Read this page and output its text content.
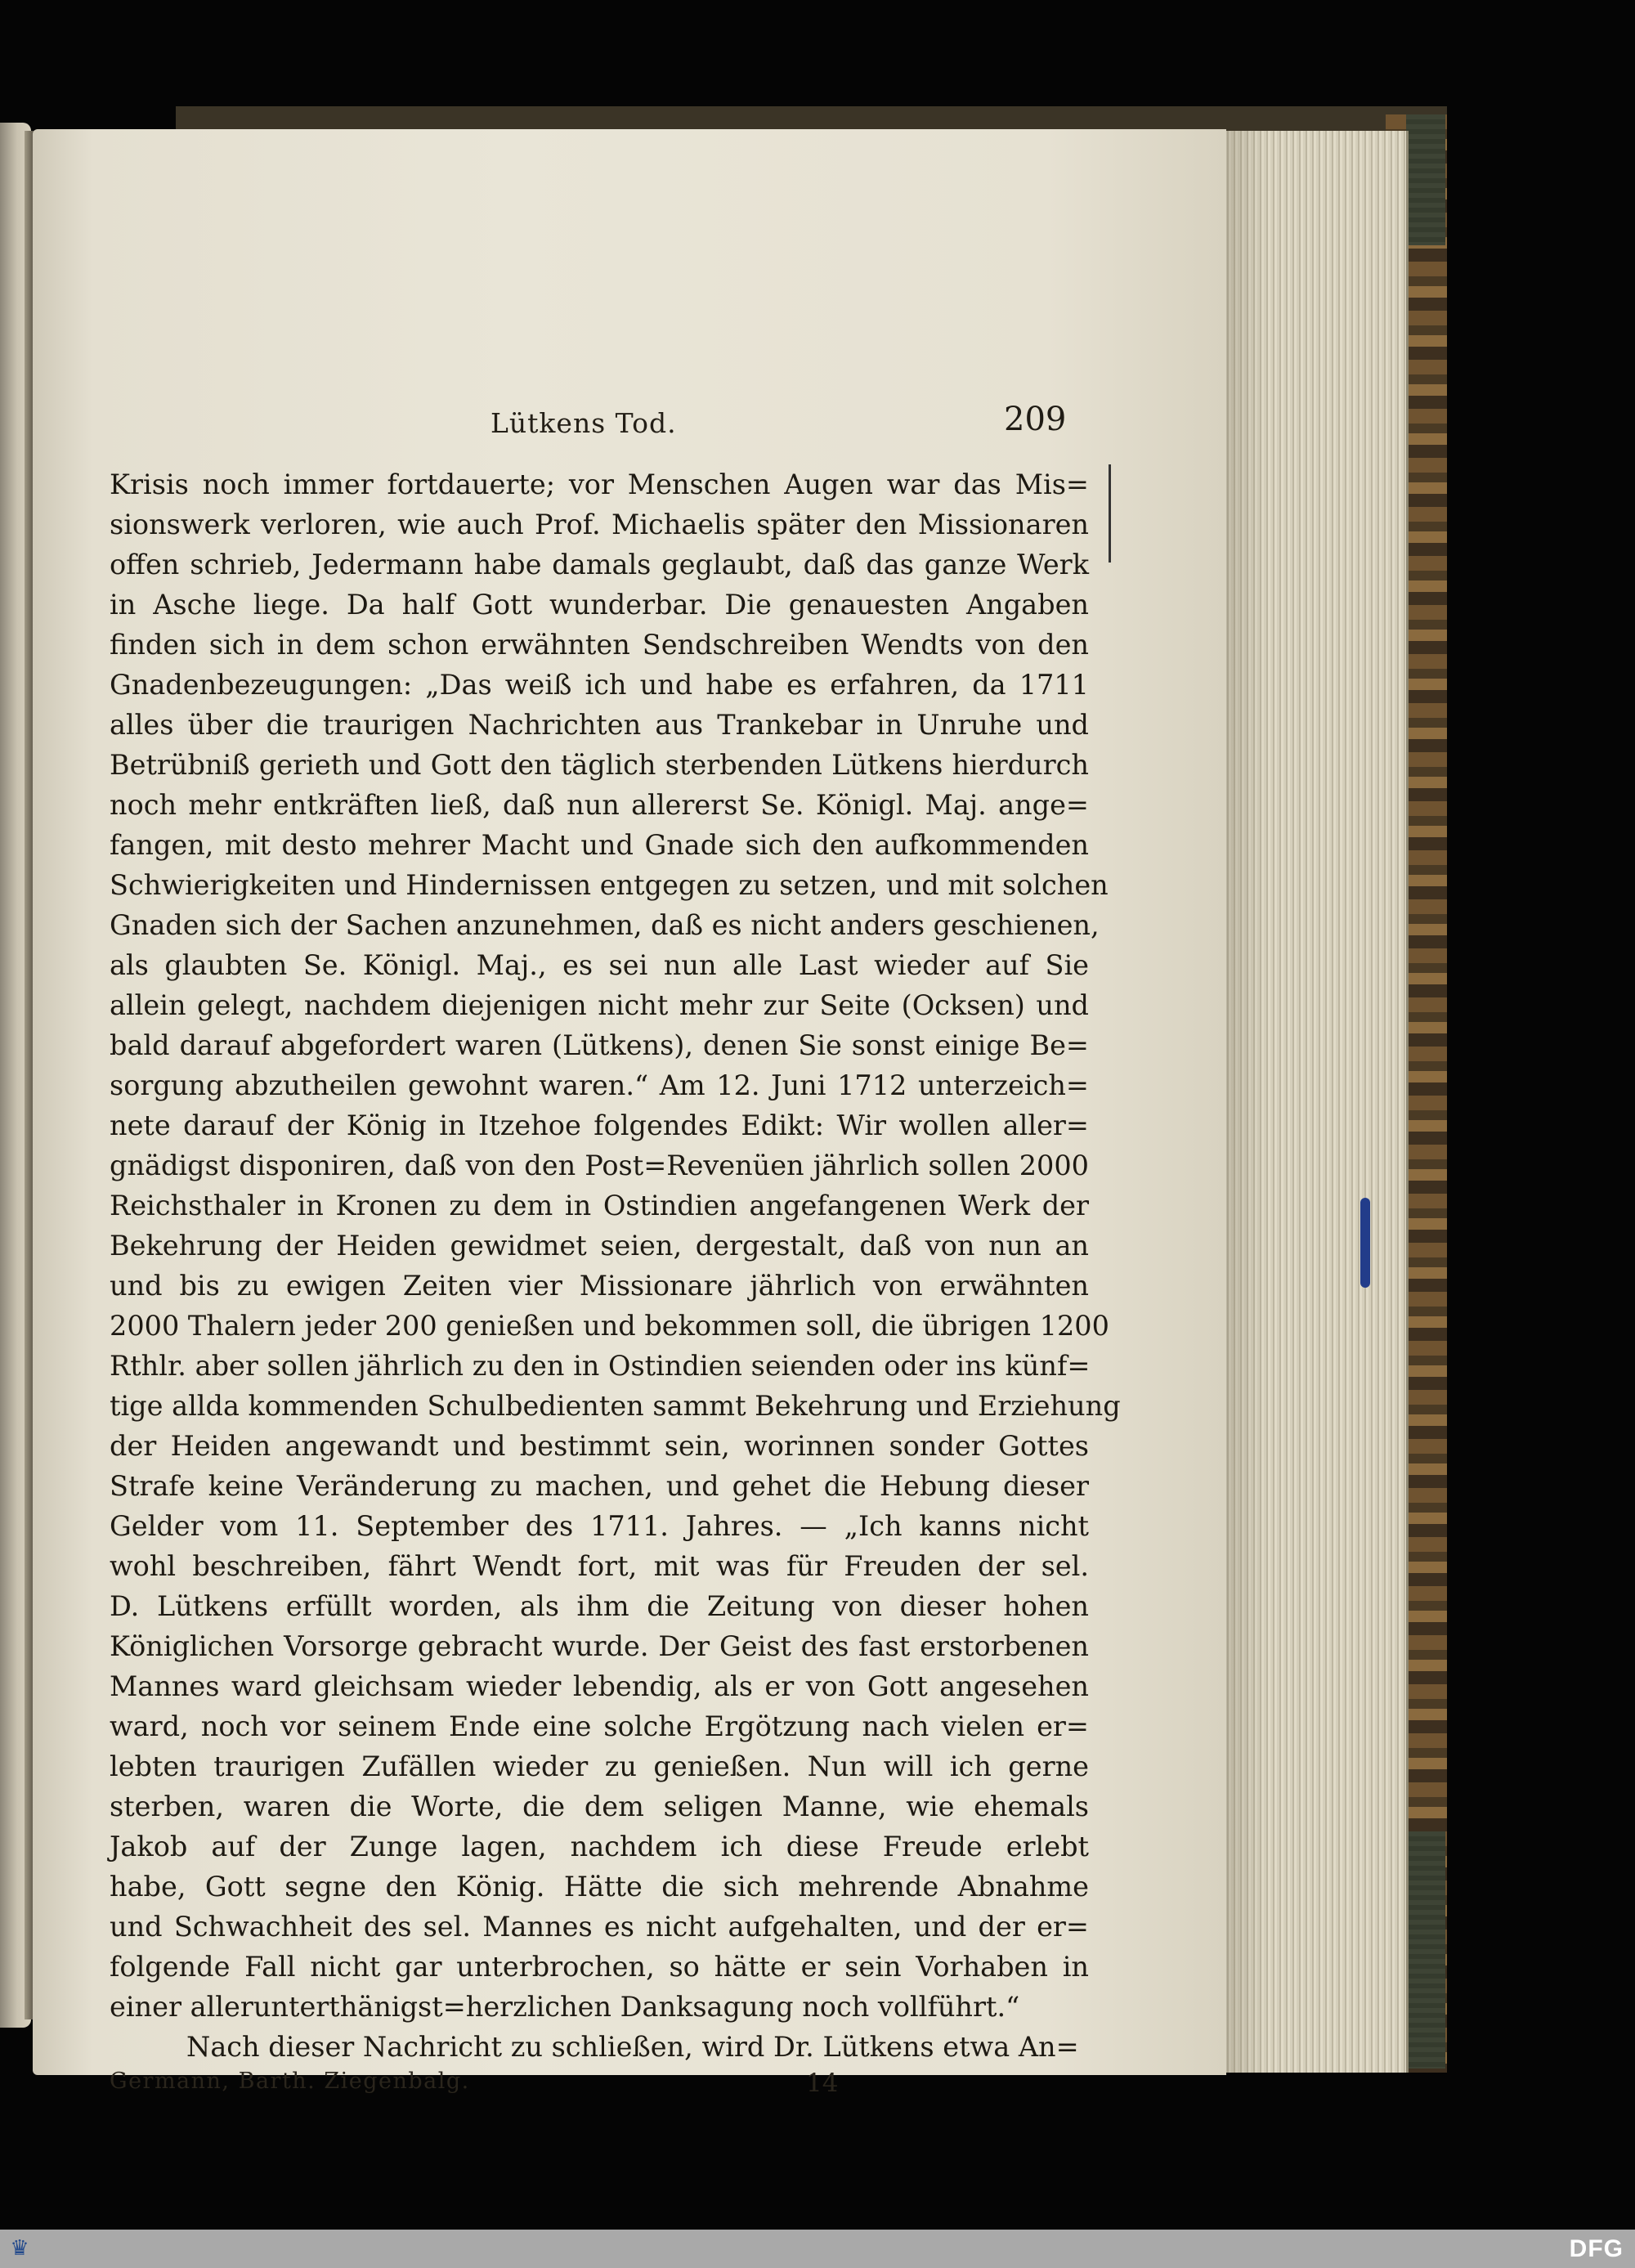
Lütkens Tod.	209
Krisis noch immer fortdauerte; vor Menschen Augen war das Mis=
sionswerk verloren, wie auch Prof. Michaelis später den Missionaren
offen schrieb, Jedermann habe damals geglaubt, daß das ganze Werk
in Asche liege. Da half Gott wunderbar. Die genauesten Angaben
finden sich in dem schon erwähnten Sendschreiben Wendts von den
Gnadenbezeugungen: „Das weiß ich und habe es erfahren, da 1711
alles über die traurigen Nachrichten aus Trankebar in Unruhe und
Betrübniß gerieth und Gott den täglich sterbenden Lütkens hierdurch
noch mehr entkräften ließ, daß nun allererst Se. Königl. Maj. ange=
fangen, mit desto mehrer Macht und Gnade sich den aufkommenden
Schwierigkeiten und Hindernissen entgegen zu setzen, und mit solchen
Gnaden sich der Sachen anzunehmen, daß es nicht anders geschienen,
als glaubten Se. Königl. Maj., es sei nun alle Last wieder auf Sie
allein gelegt, nachdem diejenigen nicht mehr zur Seite (Ocksen) und
bald darauf abgefordert waren (Lütkens), denen Sie sonst einige Be=
sorgung abzutheilen gewohnt waren.“ Am 12. Juni 1712 unterzeich=
nete darauf der König in Itzehoe folgendes Edikt: Wir wollen aller=
gnädigst disponiren, daß von den Post=Revenüen jährlich sollen 2000
Reichsthaler in Kronen zu dem in Ostindien angefangenen Werk der
Bekehrung der Heiden gewidmet seien, dergestalt, daß von nun an
und bis zu ewigen Zeiten vier Missionare jährlich von erwähnten
2000 Thalern jeder 200 genießen und bekommen soll, die übrigen 1200
Rthlr. aber sollen jährlich zu den in Ostindien seienden oder ins künf=
tige allda kommenden Schulbedienten sammt Bekehrung und Erziehung
der Heiden angewandt und bestimmt sein, worinnen sonder Gottes
Strafe keine Veränderung zu machen, und gehet die Hebung dieser
Gelder vom 11. September des 1711. Jahres. — „Ich kanns nicht
wohl beschreiben, fährt Wendt fort, mit was für Freuden der sel.
D. Lütkens erfüllt worden, als ihm die Zeitung von dieser hohen
Königlichen Vorsorge gebracht wurde. Der Geist des fast erstorbenen
Mannes ward gleichsam wieder lebendig, als er von Gott angesehen
ward, noch vor seinem Ende eine solche Ergötzung nach vielen er=
lebten traurigen Zufällen wieder zu genießen. Nun will ich gerne
sterben, waren die Worte, die dem seligen Manne, wie ehemals
Jakob auf der Zunge lagen, nachdem ich diese Freude erlebt
habe, Gott segne den König. Hätte die sich mehrende Abnahme
und Schwachheit des sel. Mannes es nicht aufgehalten, und der er=
folgende Fall nicht gar unterbrochen, so hätte er sein Vorhaben in
einer allerunterthänigst=herzlichen Danksagung noch vollführt.“
Nach dieser Nachricht zu schließen, wird Dr. Lütkens etwa An=
Germann, Barth. Ziegenbalg.	14
♛	DFG
